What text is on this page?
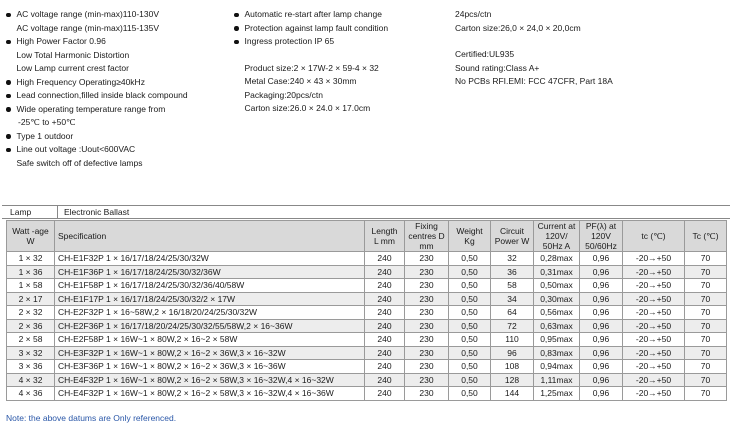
AC voltage range (min-max)110-130V
AC voltage range (min-max)115-135V
High Power Factor 0.96
Low Total Harmonic Distortion
Low Lamp current crest factor
High Frequency Operating≥40kHz
Lead connection,filled inside black compound
Wide operating temperature range from
-25℃ to +50℃
Type 1 outdoor
Line out voltage :Uout<600VAC
Safe switch off of defective lamps
Automatic re-start after lamp change
Protection against lamp fault condition
Ingress protection IP 65
Product size:2 × 17W-2 × 59-4 × 32
Metal Case:240 × 43 × 30mm
Packaging:20pcs/ctn
Carton size:26.0 × 24.0 × 17.0cm
24pcs/ctn
Carton size:26,0 × 24,0 × 20,0cm
Certified:UL935
Sound rating:Class A+
No PCBs RFI.EMI: FCC 47CFR, Part 18A
Lamp	Electronic Ballast
Watt -age W	Specification	Length L mm	Fixing centres D mm	Weight Kg	Circuit Power W	Current at 120V/ 50Hz A	PF(λ) at 120V 50/60Hz	tc (℃)	Tc (℃)
1 × 32	CH-E1F32P 1 × 16/17/18/24/25/30/32W	240	230	0,50	32	0,28max	0,96	-20→+50	70
1 × 36	CH-E1F36P 1 × 16/17/18/24/25/30/32/36W	240	230	0,50	36	0,31max	0,96	-20→+50	70
1 × 58	CH-E1F58P 1 × 16/17/18/24/25/30/32/36/40/58W	240	230	0,50	58	0,50max	0,96	-20→+50	70
2 × 17	CH-E1F17P 1 × 16/17/18/24/25/30/32/2 × 17W	240	230	0,50	34	0,30max	0,96	-20→+50	70
2 × 32	CH-E2F32P 1 × 16~58W,2 × 16/18/20/24/25/30/32W	240	230	0,50	64	0,56max	0,96	-20→+50	70
2 × 36	CH-E2F36P 1 × 16/17/18/20/24/25/30/32/55/58W,2 × 16~36W	240	230	0,50	72	0,63max	0,96	-20→+50	70
2 × 58	CH-E2F58P 1 × 16W~1 × 80W,2 × 16~2 × 58W	240	230	0,50	110	0,95max	0,96	-20→+50	70
3 × 32	CH-E3F32P 1 × 16W~1 × 80W,2 × 16~2 × 36W,3 × 16~32W	240	230	0,50	96	0,83max	0,96	-20→+50	70
3 × 36	CH-E3F36P 1 × 16W~1 × 80W,2 × 16~2 × 36W,3 × 16~36W	240	230	0,50	108	0,94max	0,96	-20→+50	70
4 × 32	CH-E4F32P 1 × 16W~1 × 80W,2 × 16~2 × 58W,3 × 16~32W,4 × 16~32W	240	230	0,50	128	1,11max	0,96	-20→+50	70
4 × 36	CH-E4F32P 1 × 16W~1 × 80W,2 × 16~2 × 58W,3 × 16~32W,4 × 16~36W	240	230	0,50	144	1,25max	0,96	-20→+50	70
Note: the above datums are Only referenced.
